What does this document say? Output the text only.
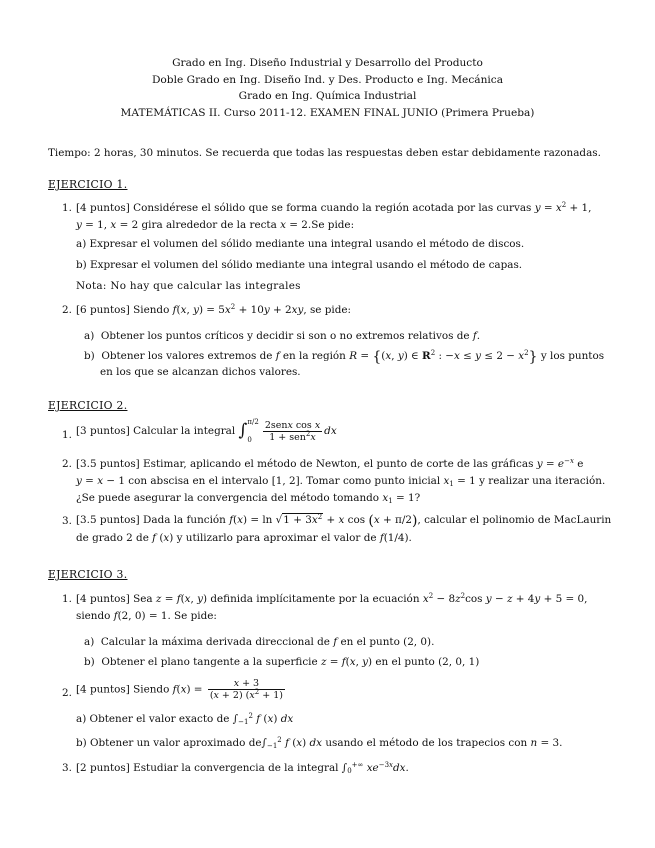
Grado en Ing. Diseño Industrial y Desarrollo del Producto
Doble Grado en Ing. Diseño Ind. y Des. Producto e Ing. Mecánica
Grado en Ing. Química Industrial
MATEMÁTICAS II. Curso 2011-12. EXAMEN FINAL JUNIO (Primera Prueba)
Tiempo: 2 horas, 30 minutos. Se recuerda que todas las respuestas deben estar debidamente razonadas.
EJERCICIO 1.
1. [4 puntos] Considérese el sólido que se forma cuando la región acotada por las curvas $y = x^2 + 1$,
y = 1, x = 2 gira alrededor de la recta x = 2.Se pide:
a) Expresar el volumen del sólido mediante una integral usando el método de discos.
b) Expresar el volumen del sólido mediante una integral usando el método de capas.
Nota: No hay que calcular las integrales
2. [6 puntos] Siendo f(x, $y) = 5x^2 + 10y + 2xy$, se pide:
a) Obtener los puntos críticos y decidir si son o no extremos relativos de f.
b) Obtener los valores extremos de f en la región R = {(x, y) ∈ $R^2$ : $-x \le y \le 2 - x^2$} y los puntos
en los que se alcanzan dichos valores.
EJERCICIO 2.
1. [3 puntos] Calcular la integral ∫ π/2
0	$\frac{\text{2senx cos x}}{1 + sen^2x}$ dx
2. [3.5 puntos] Estimar, aplicando el método de Newton, el punto de corte de las gráficas $y = e^{-x}$ e
y = x − 1 con abscisa en el intervalo [1, 2]. Tomar como punto inicial $x_1 = 1$ y realizar una iteración.
¿Se puede asegurar la convergencia del método tomando $x_1 = 1$?
3. [3.5 puntos] Dada la función $f(x) = \ln √1 + 3x^2 + x$ cos (x + π/2), calcular el polinomio de MacLaurin
de grado 2 de f (x) y utilizarlo para aproximar el valor de f(1/4).
EJERCICIO 3.
1. [4 puntos] Sea z = f(x, y) definida implícitamente por la ecuación $x^2 - 8z^2\cos$ y − z + 4y + 5 = 0,
siendo f(2, 0) = 1. Se pide:
a) Calcular la máxima derivada direccional de f en el punto (2, 0).
b) Obtener el plano tangente a la superficie z = f(x, y) en el punto (2, 0, 1)
2. [4 puntos] Siendo $f(x) = \frac{x + 3}{(x + 2) (x^2 + 1)}$
a) Obtener el valor exacto de $\int_{-1}^2$ f (x) dx
b) Obtener un valor aproximado $de\int_{-1}^2$ f (x) dx usando el método de los trapecios con n = 3.
3. [2 puntos] Estudiar la convergencia de la integral $\int_0^{+\infty}$ $xe^{-3x}dx$.
